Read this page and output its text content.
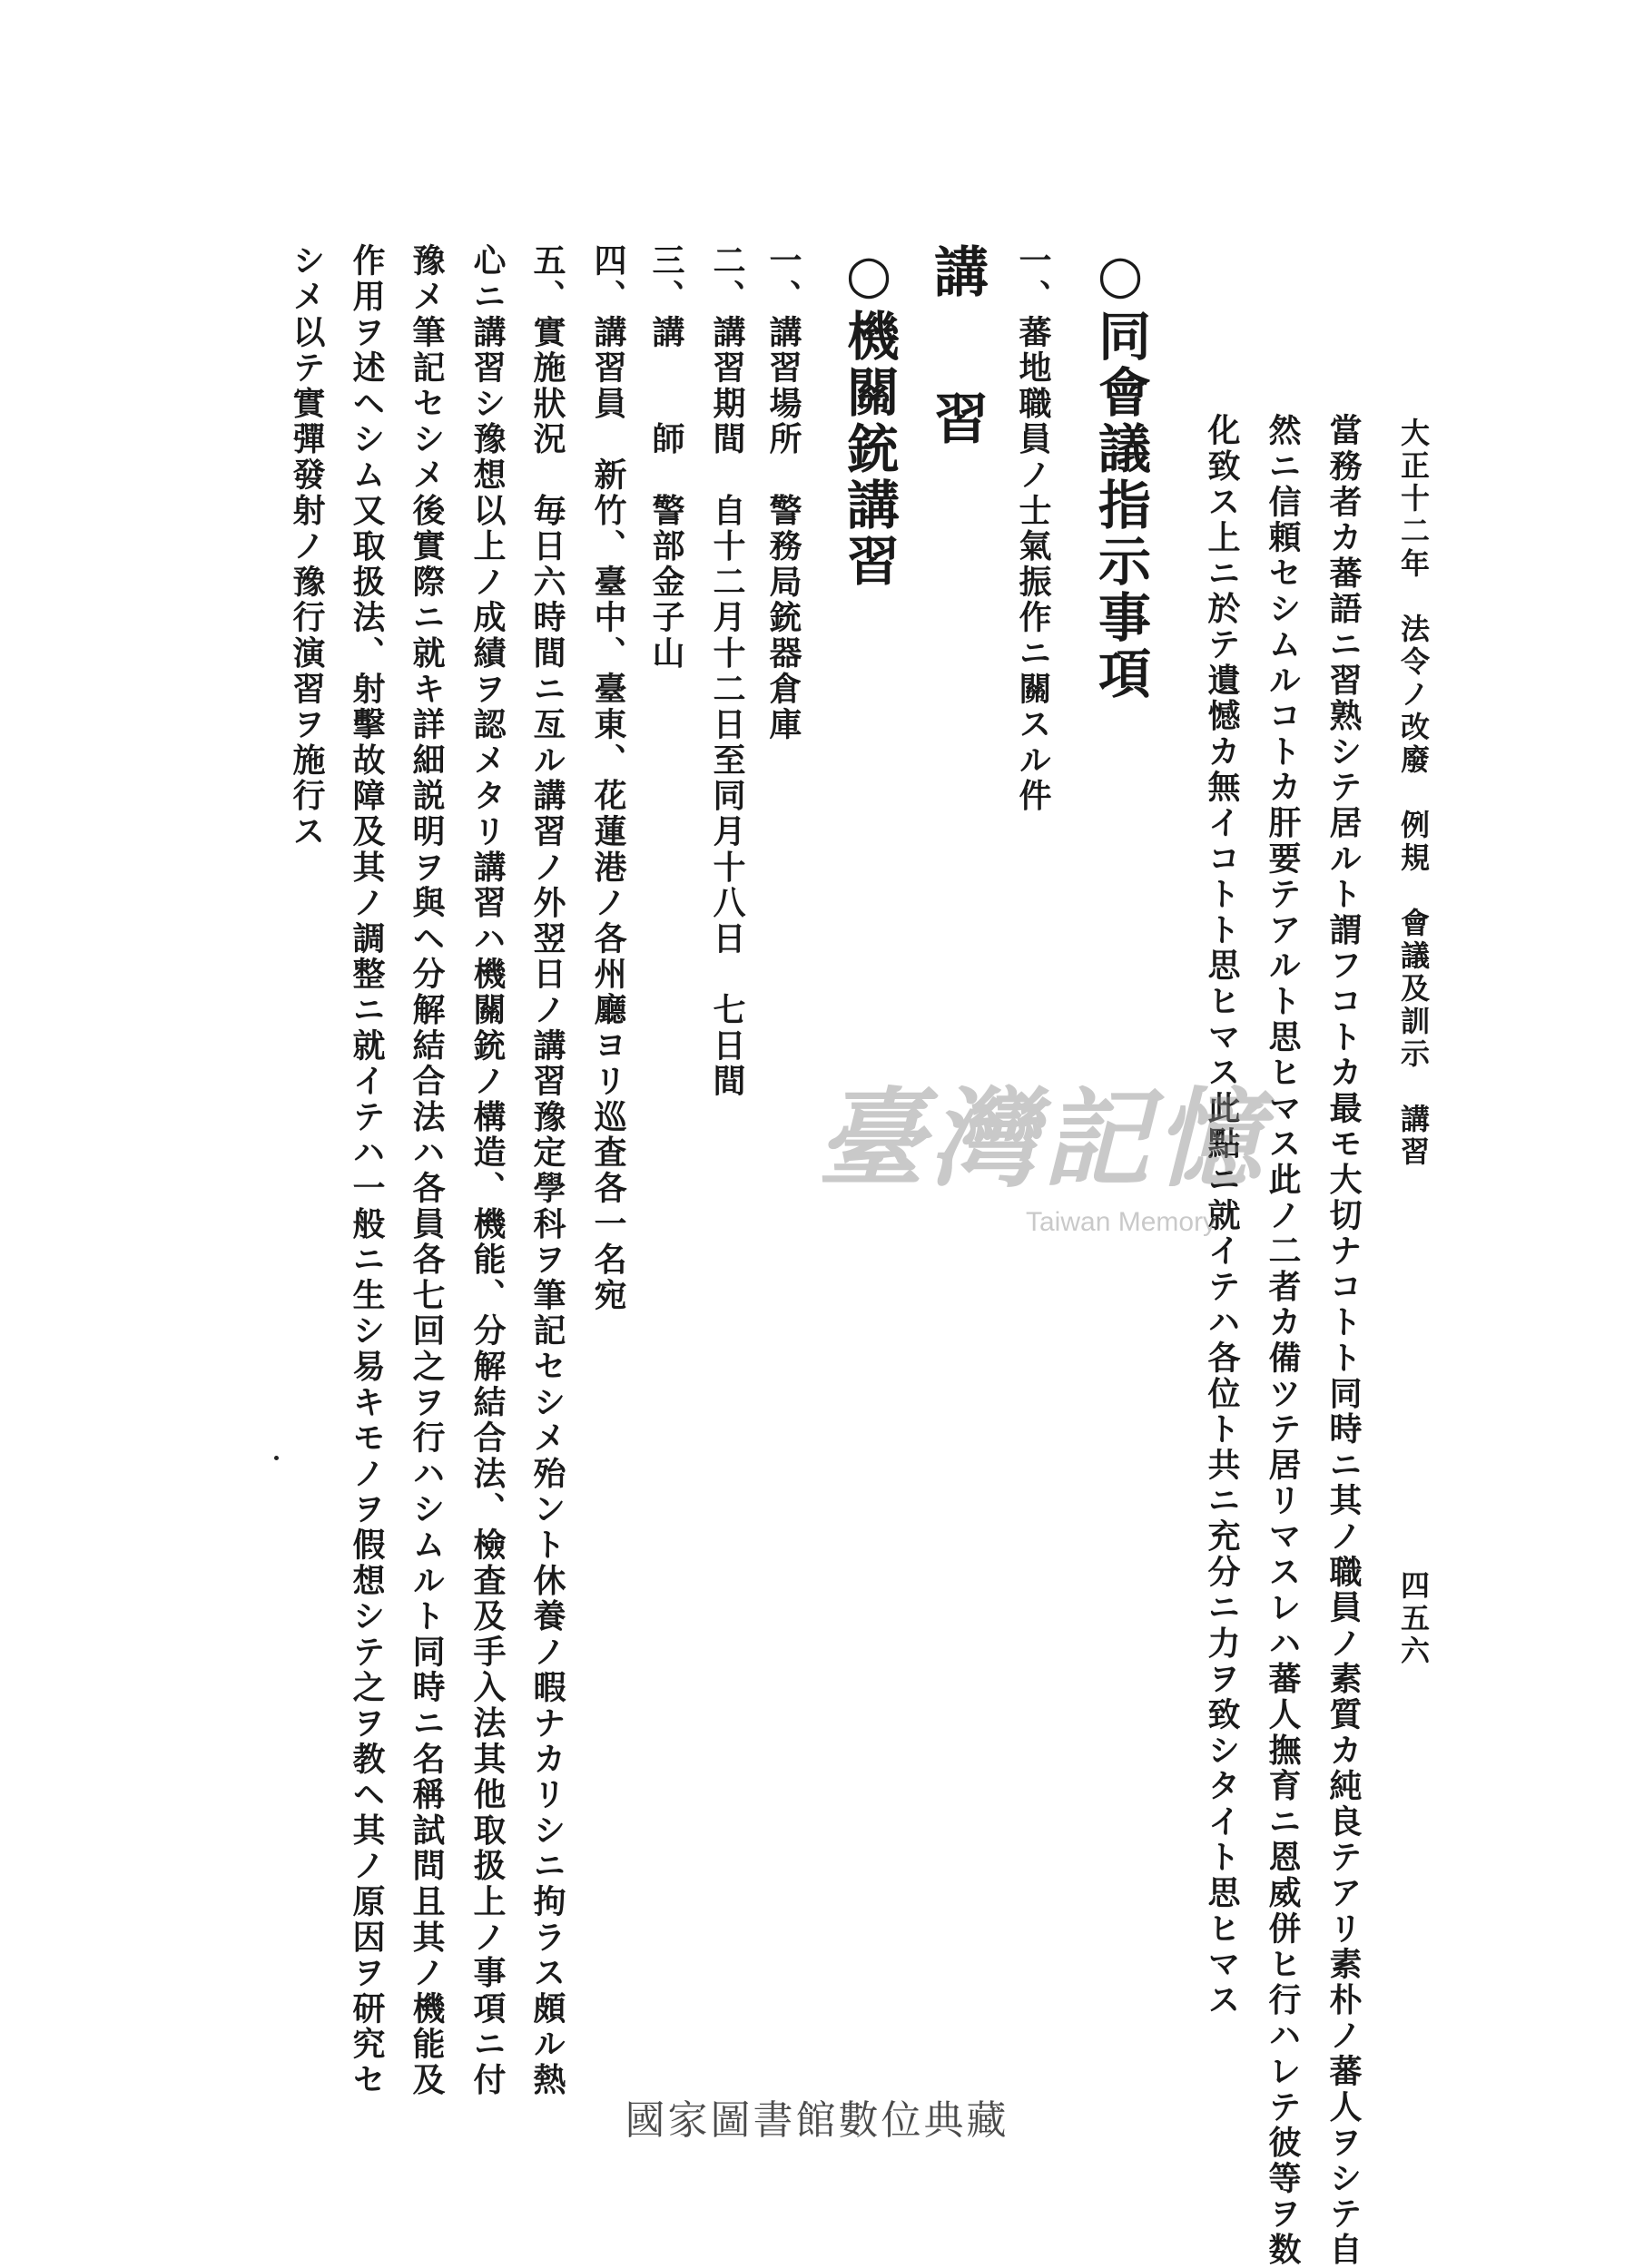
大正十二年　法令ノ改廢　例規　會議及訓示　講習
四五六
當務者カ蕃語ニ習熟シテ居ルト謂フコトカ最モ大切ナコトト同時ニ其ノ職員ノ素質カ純良テアリ素朴ノ蕃人ヲシテ自
然ニ信頼セシムルコトカ肝要テアルト思ヒマス此ノ二者カ備ツテ居リマスレハ蕃人撫育ニ恩威併ヒ行ハレテ彼等ヲ数
化致ス上ニ於テ遺憾カ無イコトト思ヒマス此點ニ就イテハ各位ト共ニ充分ニ力ヲ致シタイト思ヒマス
○同會議指示事項
一、蕃地職員ノ士氣振作ニ關スル件
講
習
○機關銃講習
一、講習場所　警務局銃器倉庫
二、講習期間　自十二月十二日至同月十八日　七日間
三、講　　師　警部金子山
四、講習員　新竹、臺中、臺東、花蓮港ノ各州廳ヨリ巡査各一名宛
五、實施狀況　毎日六時間ニ亙ル講習ノ外翌日ノ講習豫定學科ヲ筆記セシメ殆ント休養ノ暇ナカリシニ拘ラス頗ル熱
心ニ講習シ豫想以上ノ成績ヲ認メタリ講習ハ機關銃ノ構造、機能、分解結合法、檢査及手入法其他取扱上ノ事項ニ付
豫メ筆記セシメ後實際ニ就キ詳細説明ヲ與ヘ分解結合法ハ各員各七回之ヲ行ハシムルト同時ニ名稱試問且其ノ機能及
作用ヲ述ヘシム又取扱法、射擊故障及其ノ調整ニ就イテハ一般ニ生シ易キモノヲ假想シテ之ヲ教ヘ其ノ原因ヲ研究セ
シメ以テ實彈發射ノ豫行演習ヲ施行ス
臺灣記憶
Taiwan Memory
國家圖書館數位典藏
